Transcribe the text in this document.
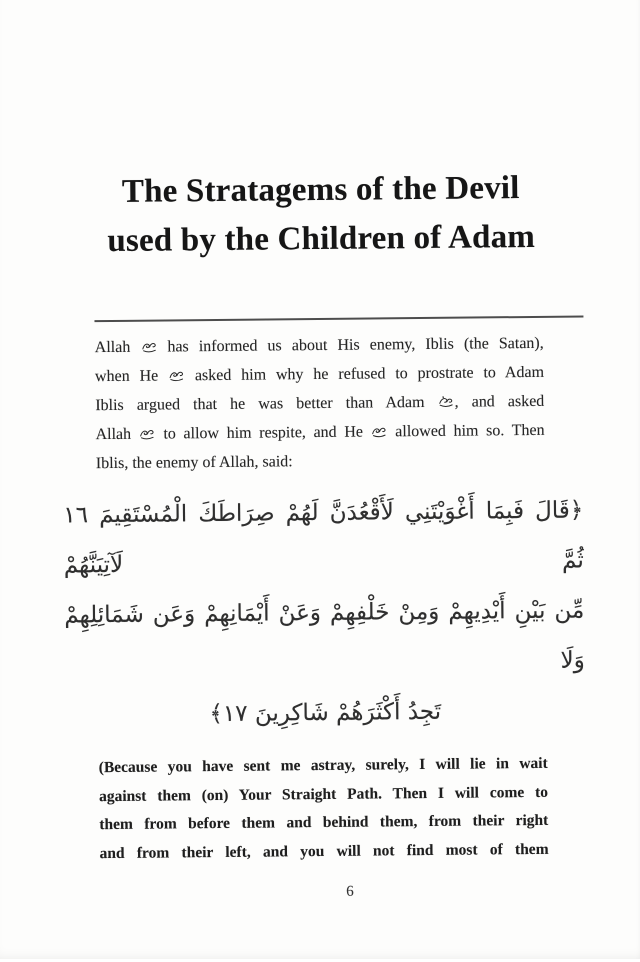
The Stratagems of the Devil
used by the Children of Adam
Allah  has informed us about His enemy, Iblis (the Satan),
when He  asked him why he refused to prostrate to Adam
Iblis argued that he was better than Adam , and asked
Allah  to allow him respite, and He  allowed him so. Then
Iblis, the enemy of Allah, said:
﴿قَالَ فَبِمَا أَغْوَيْتَنِي لَأَقْعُدَنَّ لَهُمْ صِرَاطَكَ الْمُسْتَقِيمَ ١٦ ثُمَّ لَآتِيَنَّهُمْ
مِّن بَيْنِ أَيْدِيهِمْ وَمِنْ خَلْفِهِمْ وَعَنْ أَيْمَانِهِمْ وَعَن شَمَائِلِهِمْ وَلَا
تَجِدُ أَكْثَرَهُمْ شَاكِرِينَ ١٧﴾
(Because you have sent me astray, surely, I will lie in wait
against them (on) Your Straight Path. Then I will come to
them from before them and behind them, from their right
and from their left, and you will not find most of them
6
